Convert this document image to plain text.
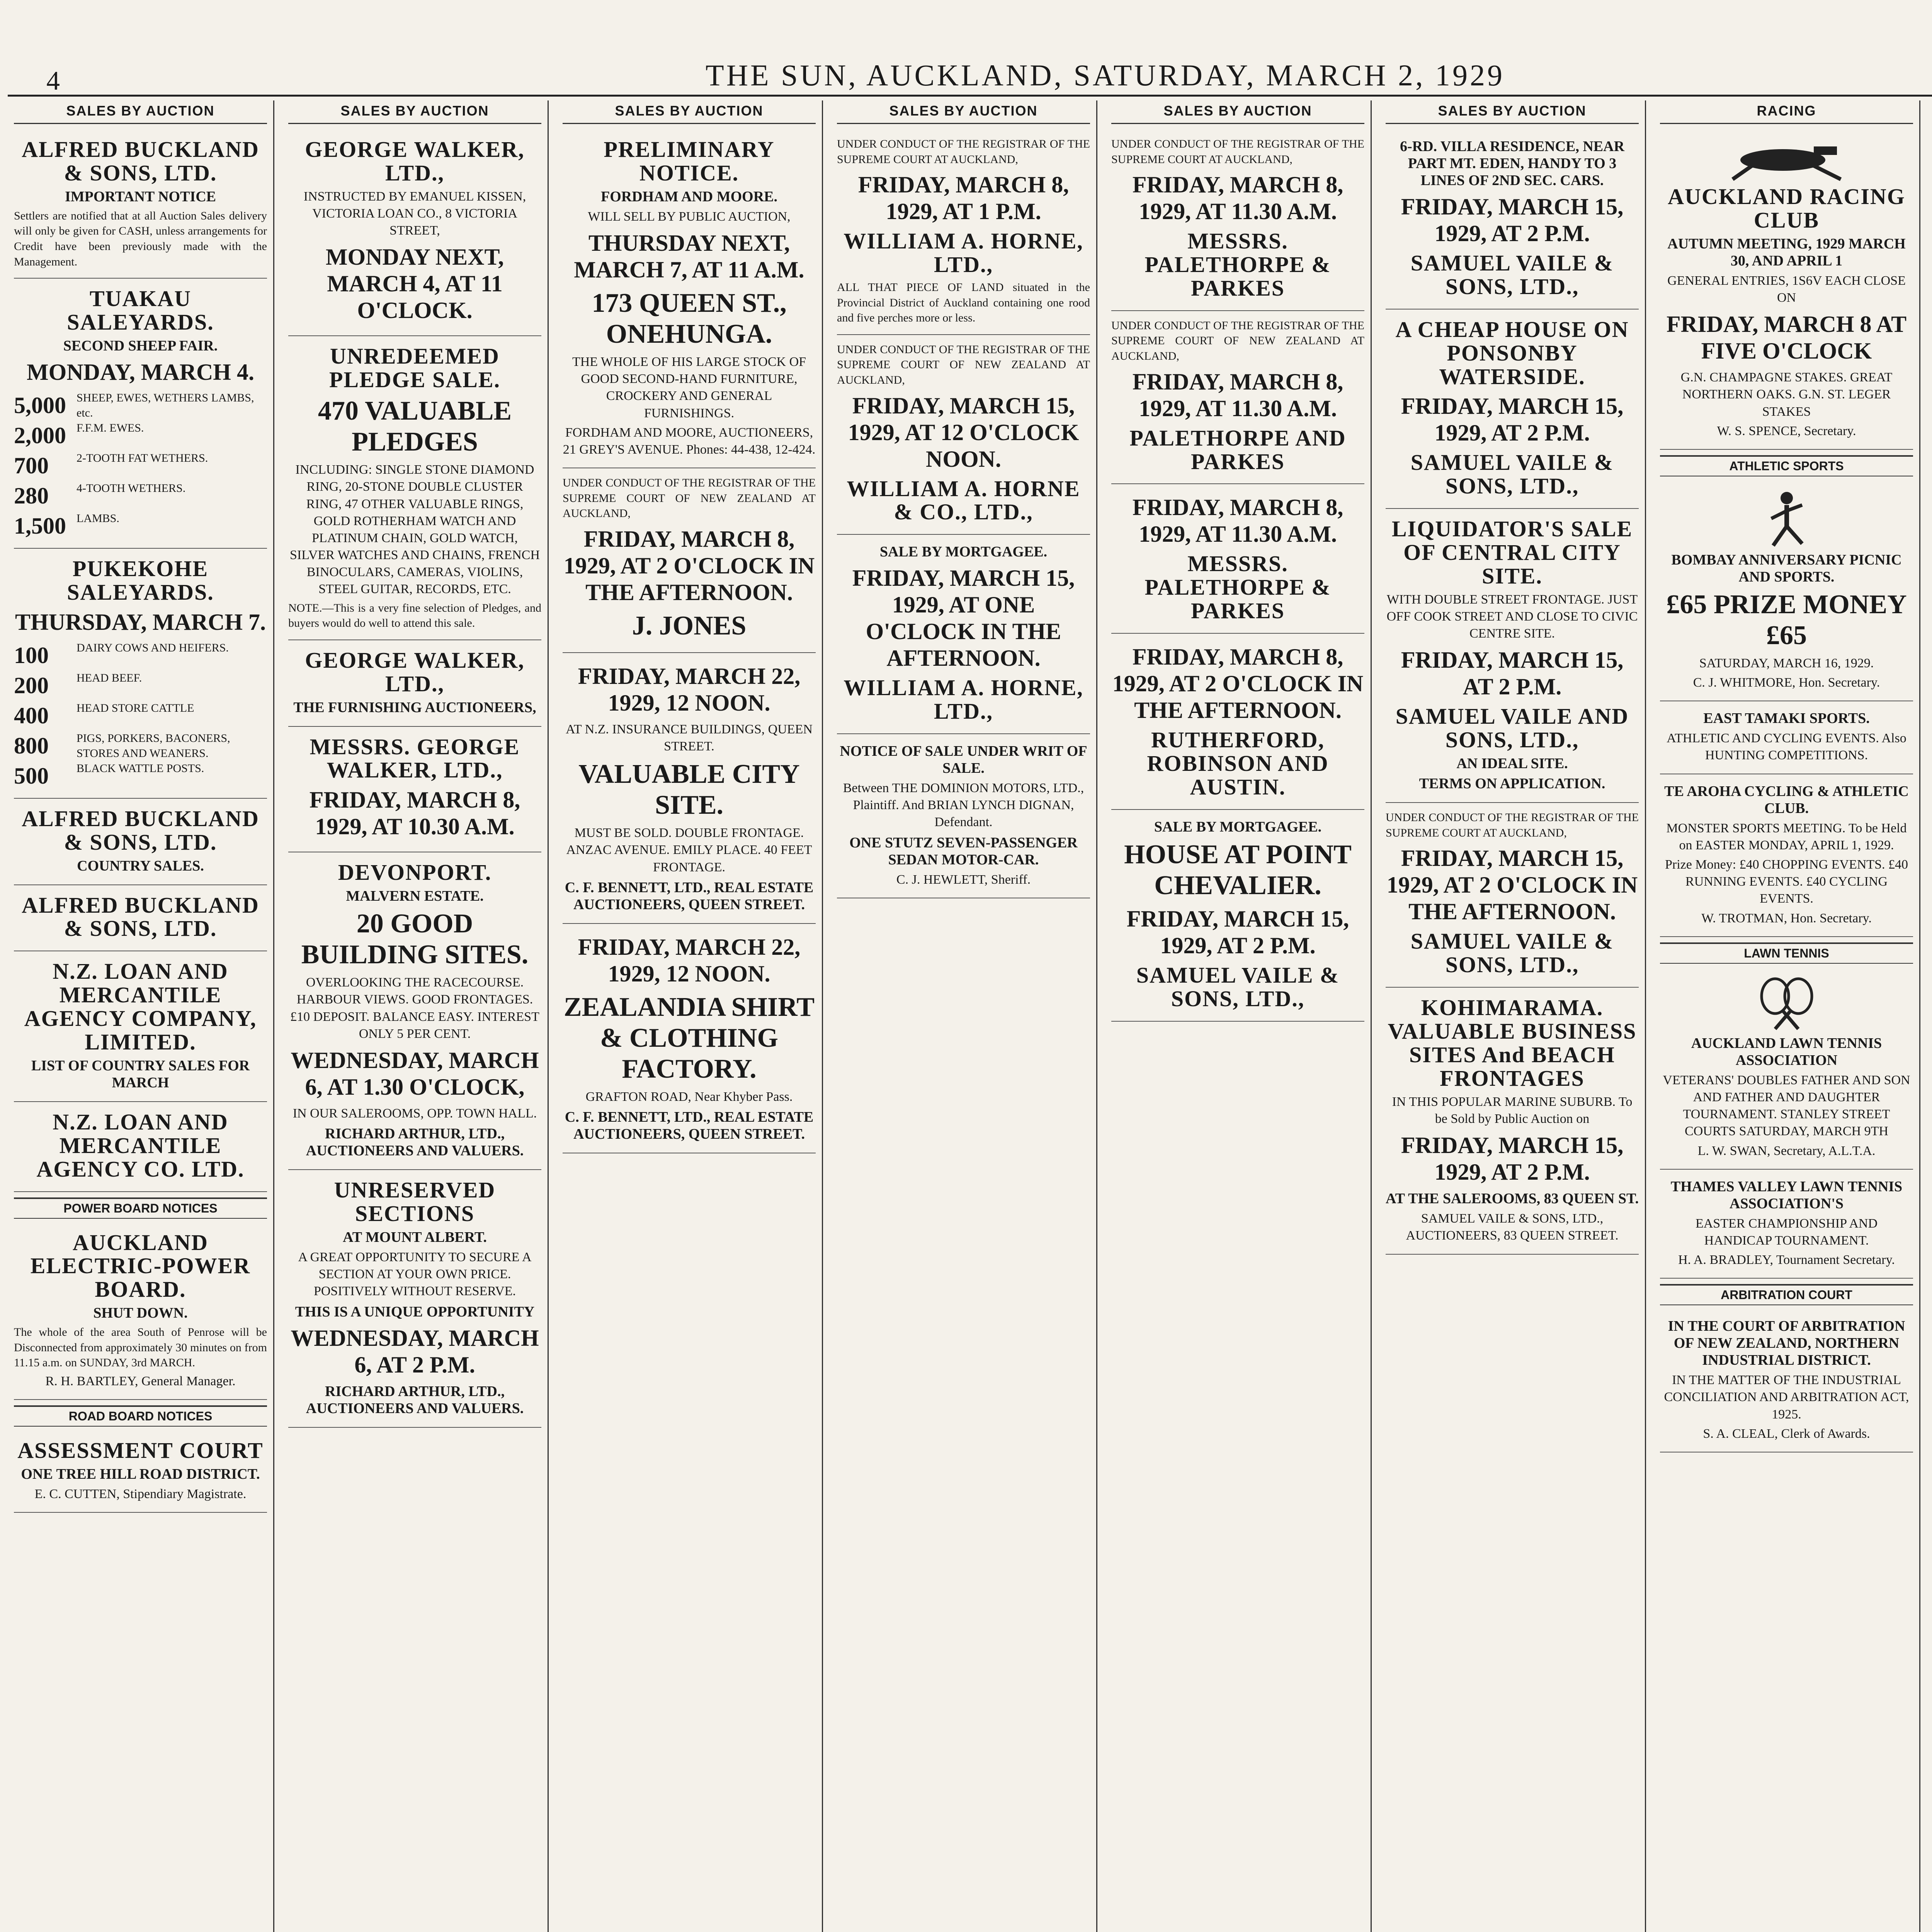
4	THE SUN, AUCKLAND, SATURDAY, MARCH 2, 1929
SALES BY AUCTION
ALFRED BUCKLAND & SONS, LTD.
IMPORTANT NOTICE
Settlers are notified that at all Auction Sales delivery will only be given for CASH, unless arrangements for Credit have been previously made with the Management.
TUAKAU SALEYARDS.
SECOND SHEEP FAIR.
MONDAY, MARCH 4.
5,000 SHEEP, EWES, WETHERS LAMBS, etc.
2,000 F.F.M. EWES.
700	2-TOOTH FAT WETHERS.
280	4-TOOTH WETHERS.
1,500 LAMBS.
PUKEKOHE SALEYARDS.
THURSDAY, MARCH 7.
100	DAIRY COWS AND HEIFERS.
200	HEAD BEEF.
400	HEAD STORE CATTLE
800	PIGS, PORKERS, BACONERS, STORES AND WEANERS.
500	BLACK WATTLE POSTS.
ALFRED BUCKLAND & SONS, LTD.
COUNTRY SALES.
ALFRED BUCKLAND & SONS, LTD.
N.Z. LOAN AND MERCANTILE AGENCY COMPANY, LIMITED.
LIST OF COUNTRY SALES FOR MARCH
N.Z. LOAN AND MERCANTILE AGENCY CO. LTD.
POWER BOARD NOTICES
AUCKLAND ELECTRIC-POWER BOARD.
SHUT DOWN.
The whole of the area South of Penrose will be Disconnected from approximately 30 minutes on from 11.15 a.m. on SUNDAY, 3rd MARCH.
R. H. BARTLEY, General Manager.
ROAD BOARD NOTICES
ASSESSMENT COURT
ONE TREE HILL ROAD DISTRICT.
E. C. CUTTEN, Stipendiary Magistrate.
SALES BY AUCTION
GEORGE WALKER, LTD.,
INSTRUCTED BY EMANUEL KISSEN, VICTORIA LOAN CO., 8 VICTORIA STREET,
MONDAY NEXT, MARCH 4, AT 11 O'CLOCK.
UNREDEEMED PLEDGE SALE.
470 VALUABLE PLEDGES
INCLUDING: SINGLE STONE DIAMOND RING, 20-STONE DOUBLE CLUSTER RING, 47 OTHER VALUABLE RINGS, GOLD ROTHERHAM WATCH AND PLATINUM CHAIN, GOLD WATCH, SILVER WATCHES AND CHAINS, FRENCH BINOCULARS, CAMERAS, VIOLINS, STEEL GUITAR, RECORDS, ETC.
NOTE.—This is a very fine selection of Pledges, and buyers would do well to attend this sale.
GEORGE WALKER, LTD.,
THE FURNISHING AUCTIONEERS,
MESSRS. GEORGE WALKER, LTD.,
FRIDAY, MARCH 8, 1929, AT 10.30 A.M.
DEVONPORT.
MALVERN ESTATE.
20 GOOD BUILDING SITES.
OVERLOOKING THE RACECOURSE. HARBOUR VIEWS. GOOD FRONTAGES. £10 DEPOSIT. BALANCE EASY. INTEREST ONLY 5 PER CENT.
WEDNESDAY, MARCH 6, AT 1.30 O'CLOCK,
IN OUR SALEROOMS, OPP. TOWN HALL.
RICHARD ARTHUR, LTD., AUCTIONEERS AND VALUERS.
UNRESERVED SECTIONS
AT MOUNT ALBERT.
A GREAT OPPORTUNITY TO SECURE A SECTION AT YOUR OWN PRICE. POSITIVELY WITHOUT RESERVE.
THIS IS A UNIQUE OPPORTUNITY
WEDNESDAY, MARCH 6, AT 2 P.M.
RICHARD ARTHUR, LTD., AUCTIONEERS AND VALUERS.
SALES BY AUCTION
PRELIMINARY NOTICE.
FORDHAM AND MOORE.
WILL SELL BY PUBLIC AUCTION,
THURSDAY NEXT, MARCH 7, AT 11 A.M.
173 QUEEN ST., ONEHUNGA.
THE WHOLE OF HIS LARGE STOCK OF GOOD SECOND-HAND FURNITURE, CROCKERY AND GENERAL FURNISHINGS.
FORDHAM AND MOORE, AUCTIONEERS, 21 GREY'S AVENUE. Phones: 44-438, 12-424.
UNDER CONDUCT OF THE REGISTRAR OF THE SUPREME COURT OF NEW ZEALAND AT AUCKLAND,
FRIDAY, MARCH 8, 1929, AT 2 O'CLOCK IN THE AFTERNOON.
J. JONES
FRIDAY, MARCH 22, 1929, 12 NOON.
AT N.Z. INSURANCE BUILDINGS, QUEEN STREET.
VALUABLE CITY SITE.
MUST BE SOLD. DOUBLE FRONTAGE. ANZAC AVENUE. EMILY PLACE. 40 FEET FRONTAGE.
C. F. BENNETT, LTD., REAL ESTATE AUCTIONEERS, QUEEN STREET.
FRIDAY, MARCH 22, 1929, 12 NOON.
ZEALANDIA SHIRT & CLOTHING FACTORY.
GRAFTON ROAD, Near Khyber Pass.
C. F. BENNETT, LTD., REAL ESTATE AUCTIONEERS, QUEEN STREET.
SALES BY AUCTION
UNDER CONDUCT OF THE REGISTRAR OF THE SUPREME COURT AT AUCKLAND,
FRIDAY, MARCH 8, 1929, AT 1 P.M.
WILLIAM A. HORNE, LTD.,
ALL THAT PIECE OF LAND situated in the Provincial District of Auckland containing one rood and five perches more or less.
UNDER CONDUCT OF THE REGISTRAR OF THE SUPREME COURT OF NEW ZEALAND AT AUCKLAND,
FRIDAY, MARCH 15, 1929, AT 12 O'CLOCK NOON.
WILLIAM A. HORNE & CO., LTD.,
SALE BY MORTGAGEE.
FRIDAY, MARCH 15, 1929, AT ONE O'CLOCK IN THE AFTERNOON.
WILLIAM A. HORNE, LTD.,
NOTICE OF SALE UNDER WRIT OF SALE.
Between THE DOMINION MOTORS, LTD., Plaintiff. And BRIAN LYNCH DIGNAN, Defendant.
ONE STUTZ SEVEN-PASSENGER SEDAN MOTOR-CAR.
C. J. HEWLETT, Sheriff.
SALES BY AUCTION
UNDER CONDUCT OF THE REGISTRAR OF THE SUPREME COURT AT AUCKLAND,
FRIDAY, MARCH 8, 1929, AT 11.30 A.M.
MESSRS. PALETHORPE & PARKES
UNDER CONDUCT OF THE REGISTRAR OF THE SUPREME COURT OF NEW ZEALAND AT AUCKLAND,
FRIDAY, MARCH 8, 1929, AT 11.30 A.M.
PALETHORPE AND PARKES
FRIDAY, MARCH 8, 1929, AT 11.30 A.M.
MESSRS. PALETHORPE & PARKES
FRIDAY, MARCH 8, 1929, AT 2 O'CLOCK IN THE AFTERNOON.
RUTHERFORD, ROBINSON AND AUSTIN.
SALE BY MORTGAGEE.
HOUSE AT POINT CHEVALIER.
FRIDAY, MARCH 15, 1929, AT 2 P.M.
SAMUEL VAILE & SONS, LTD.,
SALES BY AUCTION
6-RD. VILLA RESIDENCE, NEAR PART MT. EDEN, HANDY TO 3 LINES OF 2ND SEC. CARS.
FRIDAY, MARCH 15, 1929, AT 2 P.M.
SAMUEL VAILE & SONS, LTD.,
A CHEAP HOUSE ON PONSONBY WATERSIDE.
FRIDAY, MARCH 15, 1929, AT 2 P.M.
SAMUEL VAILE & SONS, LTD.,
LIQUIDATOR'S SALE OF CENTRAL CITY SITE.
WITH DOUBLE STREET FRONTAGE. JUST OFF COOK STREET AND CLOSE TO CIVIC CENTRE SITE.
FRIDAY, MARCH 15, AT 2 P.M.
SAMUEL VAILE AND SONS, LTD.,
AN IDEAL SITE.
TERMS ON APPLICATION.
UNDER CONDUCT OF THE REGISTRAR OF THE SUPREME COURT AT AUCKLAND,
FRIDAY, MARCH 15, 1929, AT 2 O'CLOCK IN THE AFTERNOON.
SAMUEL VAILE & SONS, LTD.,
KOHIMARAMA. VALUABLE BUSINESS SITES And BEACH FRONTAGES
IN THIS POPULAR MARINE SUBURB. To be Sold by Public Auction on
FRIDAY, MARCH 15, 1929, AT 2 P.M.
AT THE SALEROOMS, 83 QUEEN ST.
SAMUEL VAILE & SONS, LTD., AUCTIONEERS, 83 QUEEN STREET.
RACING
AUCKLAND RACING CLUB
AUTUMN MEETING, 1929 MARCH 30, AND APRIL 1
GENERAL ENTRIES, 1S6V EACH CLOSE ON
FRIDAY, MARCH 8 AT FIVE O'CLOCK
G.N. CHAMPAGNE STAKES. GREAT NORTHERN OAKS. G.N. ST. LEGER STAKES
W. S. SPENCE, Secretary.
ATHLETIC SPORTS
BOMBAY ANNIVERSARY PICNIC AND SPORTS.
£65 PRIZE MONEY £65
SATURDAY, MARCH 16, 1929.
C. J. WHITMORE, Hon. Secretary.
EAST TAMAKI SPORTS.
ATHLETIC AND CYCLING EVENTS. Also HUNTING COMPETITIONS.
TE AROHA CYCLING & ATHLETIC CLUB.
MONSTER SPORTS MEETING. To be Held on EASTER MONDAY, APRIL 1, 1929.
Prize Money: £40 CHOPPING EVENTS. £40 RUNNING EVENTS. £40 CYCLING EVENTS.
W. TROTMAN, Hon. Secretary.
LAWN TENNIS
AUCKLAND LAWN TENNIS ASSOCIATION
VETERANS' DOUBLES FATHER AND SON AND FATHER AND DAUGHTER TOURNAMENT. STANLEY STREET COURTS SATURDAY, MARCH 9TH
L. W. SWAN, Secretary, A.L.T.A.
THAMES VALLEY LAWN TENNIS ASSOCIATION'S
EASTER CHAMPIONSHIP AND HANDICAP TOURNAMENT.
H. A. BRADLEY, Tournament Secretary.
ARBITRATION COURT
IN THE COURT OF ARBITRATION OF NEW ZEALAND, NORTHERN INDUSTRIAL DISTRICT.
IN THE MATTER OF THE INDUSTRIAL CONCILIATION AND ARBITRATION ACT, 1925.
S. A. CLEAL, Clerk of Awards.
